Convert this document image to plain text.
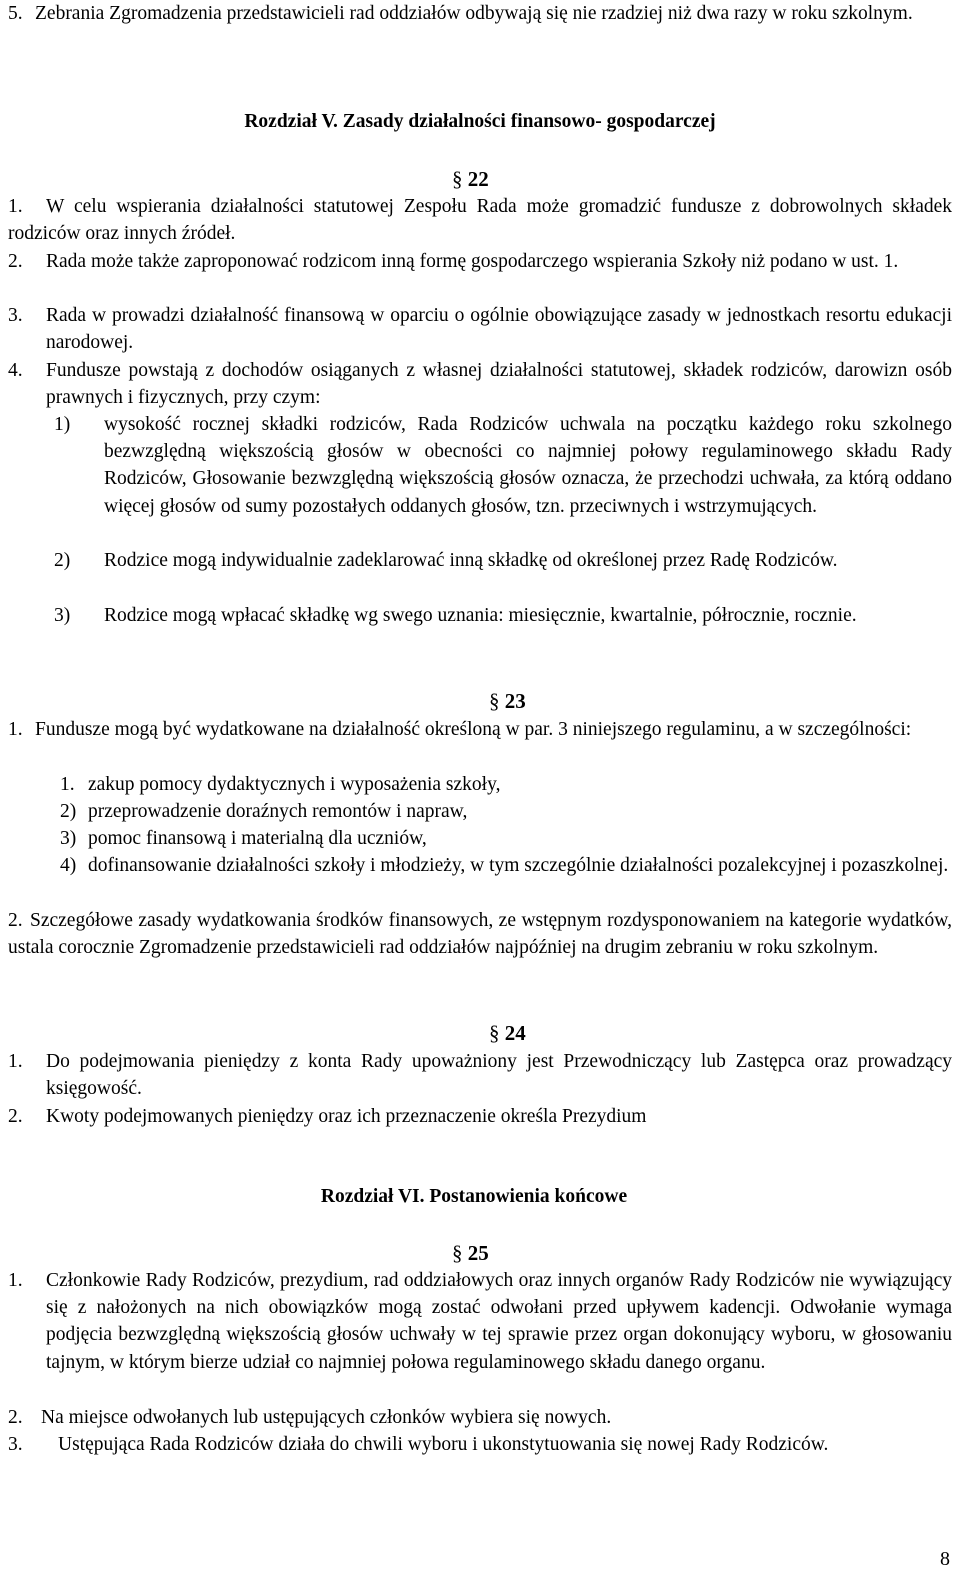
5. Zebrania Zgromadzenia przedstawicieli rad oddziałów odbywają się nie rzadziej niż dwa razy w roku szkolnym.
Rozdział V. Zasady działalności finansowo- gospodarczej
§ 22
1.	W celu wspierania działalności statutowej Zespołu Rada może gromadzić fundusze z dobrowolnych składek rodziców oraz innych źródeł.
2. Rada może także zaproponować rodzicom inną formę gospodarczego wspierania Szkoły niż podano w ust. 1.
3. Rada w prowadzi działalność finansową w oparciu o ogólnie obowiązujące zasady w jednostkach resortu edukacji narodowej.
4. Fundusze powstają z dochodów osiąganych z własnej działalności statutowej, składek rodziców, darowizn osób prawnych i fizycznych, przy czym:
1) wysokość rocznej składki rodziców, Rada Rodziców uchwala na początku każdego roku szkolnego bezwzględną większością głosów w obecności co najmniej połowy regulaminowego składu Rady Rodziców, Głosowanie bezwzględną większością głosów oznacza, że przechodzi uchwała, za którą oddano więcej głosów od sumy pozostałych oddanych głosów, tzn. przeciwnych i wstrzymujących.
2) Rodzice mogą indywidualnie zadeklarować inną składkę od określonej przez Radę Rodziców.
3) Rodzice mogą wpłacać składkę wg swego uznania: miesięcznie, kwartalnie, półrocznie, rocznie.
§ 23
1. Fundusze mogą być wydatkowane na działalność określoną w par. 3 niniejszego regulaminu, a w szczególności:
1. zakup pomocy dydaktycznych i wyposażenia szkoły,
2) przeprowadzenie doraźnych remontów i napraw,
3) pomoc finansową i materialną dla uczniów,
4) dofinansowanie działalności szkoły i młodzieży, w tym szczególnie działalności pozalekcyjnej i pozaszkolnej.
2. Szczegółowe zasady wydatkowania środków finansowych, ze wstępnym rozdysponowaniem na kategorie wydatków, ustala corocznie Zgromadzenie przedstawicieli rad oddziałów najpóźniej na drugim zebraniu w roku szkolnym.
§ 24
1. Do podejmowania pieniędzy z konta Rady upoważniony jest Przewodniczący lub Zastępca oraz prowadzący księgowość.
2. Kwoty podejmowanych pieniędzy oraz ich przeznaczenie określa Prezydium
Rozdział VI. Postanowienia końcowe
§ 25
1. Członkowie Rady Rodziców, prezydium, rad oddziałowych oraz innych organów Rady Rodziców nie wywiązujący się z nałożonych na nich obowiązków mogą zostać odwołani przed upływem kadencji. Odwołanie wymaga podjęcia bezwzględną większością głosów uchwały w tej sprawie przez organ dokonujący wyboru, w głosowaniu tajnym, w którym bierze udział co najmniej połowa regulaminowego składu danego organu.
2. Na miejsce odwołanych lub ustępujących członków wybiera się nowych.
3.	Ustępująca Rada Rodziców działa do chwili wyboru i ukonstytuowania się nowej Rady Rodziców.
8
